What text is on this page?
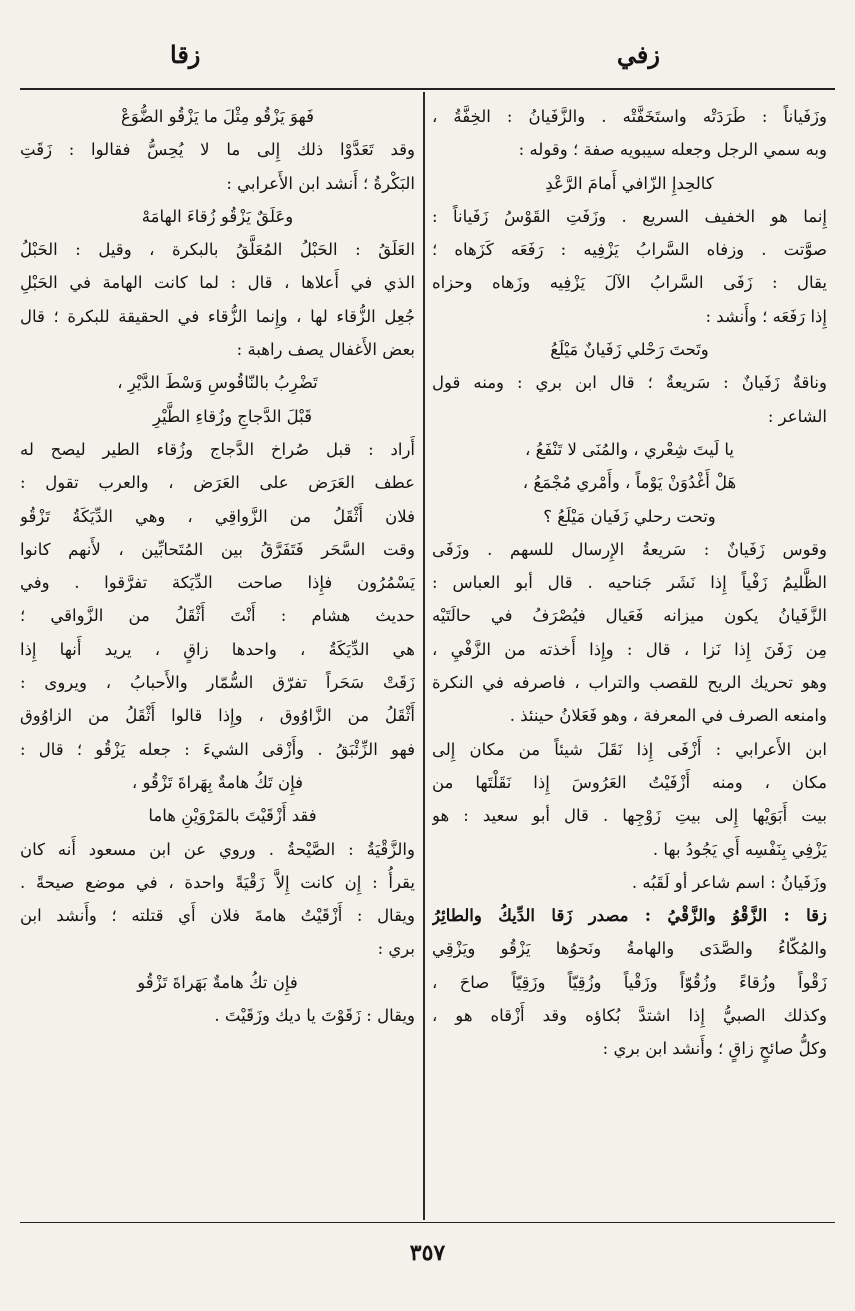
زفي
زقا
وزَفَياناً : طَرَدَتْه واستَخَفَّتْه . والزَّفَيانُ : الخِفَّةُ ،
وبه سمي الرجل وجعله سيبويه صفة ؛ وقوله :
كالحِدإِ الزّافي أَمامَ الرَّعْدِ
إِنما هو الخفيف السريع . وزَفَتِ القَوْسُ زَفَياناً :
صوَّتت . وزفاه السَّرابُ يَزْفِيه : رَفَعَه كَزَهاه ؛
يقال : زَفَى السَّرابُ الآلَ يَزْفِيه وزَهاه وحزاه
إِذا رَفَعَه ؛ وأَنشد :
وتَحتَ رَحْلي زَفَيانٌ مَيْلَعُ
وناقةٌ زَفَيانٌ : سَريعةٌ ؛ قال ابن بري : ومنه قول
الشاعر :
يا لَيتَ شِعْري ، والمُنَى لا تَنْفَعُ ،
هَلْ أَغْدُوَنْ يَوْماً ، وأَمْري مُجْمَعُ ،
وتحت رحلي زَفَيان مَيْلَعُ ؟
وقوس زَفَيانٌ : سَريعةُ الإِرسال للسهم . وزَفَى
الظَّليمُ زَفْياً إِذا نَشَر جَناحيه . قال أبو العباس :
الزَّفَيانُ يكون ميزانه فَعَيال فيُصْرَفُ في حالَتَيْه
مِن زَفَنَ إِذا نَزا ، قال : وإِذا أَخذته من الزَّفْيِ ،
وهو تحريك الريح للقصب والتراب ، فاصرفه في النكرة
وامنعه الصرف في المعرفة ، وهو فَعَلانُ حينئذ .
ابن الأَعرابي : أَزْفَى إِذا نَقَلَ شيئاً من مكان إِلى
مكان ، ومنه أَزْفَيْتُ العَرُوسَ إِذا نَقَلْتَها من
بيت أَبَوَيْها إِلى بيتِ زَوْجِها . قال أبو سعيد : هو
يَزْفِي بِنَفْسِه أَي يَجُودُ بها .
وزَفَيانُ : اسم شاعر أو لَقَبُه .
زقا : الزَّقْوُ والزَّقْيُ : مصدر زَقا الدِّيكُ والطائِرُ
والمُكّاءُ والصَّدَى والهامةُ ونَحوُها يَزْقُو ويَزْقِي
زَقْواً وزُقاءً وزُقُوّاً وزَقْياً وزُقِيّاً وزَقِيّاً صاحَ ،
وكذلك الصبيُّ إِذا اشتدَّ بُكاؤه وقد أَزْقاه هو ،
وكلُّ صائحٍ زاقٍ ؛ وأَنشد ابن بري :
فَهوَ يَزْقُو مِثْلَ ما يَزْقُو الضُّوَعْ
وقد تَعَدَّوْا ذلك إِلى ما لا يُحِسُّ فقالوا : زَقَتِ
البَكْرةُ ؛ أَنشد ابن الأَعرابي :
وعَلَقٌ يَزْقُو زُقاءَ الهامَهْ
العَلَقُ : الحَبْلُ المُعَلَّقُ بالبكرة ، وقيل : الحَبْلُ
الذي في أَعلاها ، قال : لما كانت الهامة في الحَبْلِ
جُعِل الزُّقاء لها ، وإِنما الزُّقاء في الحقيقة للبكرة ؛ قال
بعض الأَغفال يصف راهبة :
تَضْرِبُ بالنّاقُوسِ وَسْطَ الدَّيْرِ ،
قَبْلَ الدَّجاجِ وزُقاءِ الطَّيْرِ
أَراد : قبل صُراخ الدَّجاج وزُقاء الطير ليصح له
عطف العَرَض على العَرَض ، والعرب تقول :
فلان أَثْقَلُ من الزَّواقِي ، وهي الدِّيَكَةُ تَزْقُو
وقت السَّحَر فَتَفَرَّقُ بين المُتَحابِّين ، لأَنهم كانوا
يَسْمُرُون فإِذا صاحت الدِّيَكة تفرَّقوا . وفي
حديث هشام : أَنْتَ أَثْقَلُ من الزَّواقي ؛
هي الدِّيَكَةُ ، واحدها زاقٍ ، يريد أَنها إِذا
زَقَتْ سَحَراً تفرّق السُّمّار والأَحبابُ ، ويروى :
أَثْقَلُ من الزَّاوُوق ، وإِذا قالوا أَثْقَلُ من الزاوُوق
فهو الزِّئْبَقُ . وأَزْقى الشيءَ : جعله يَزْقُو ؛ قال :
فإِن تَكُ هامةٌ بِهَراةَ تَزْقُو ،
فقد أَزْقَيْتَ بالمَرْوَيْنِ هاما
والزَّقْيَةُ : الصَّيْحةُ . وروي عن ابن مسعود أَنه كان
يقرأُ : إِن كانت إِلاَّ زَقْيَةً واحدة ، في موضع صيحةً .
ويقال : أَزْقَيْتُ هامةَ فلان أَي قتلته ؛ وأَنشد ابن
بري :
فإِن تكُ هامةٌ بَهَراةَ تَزْقُو
ويقال : زَقَوْتَ يا ديك وزَقَيْتَ .
٣٥٧
